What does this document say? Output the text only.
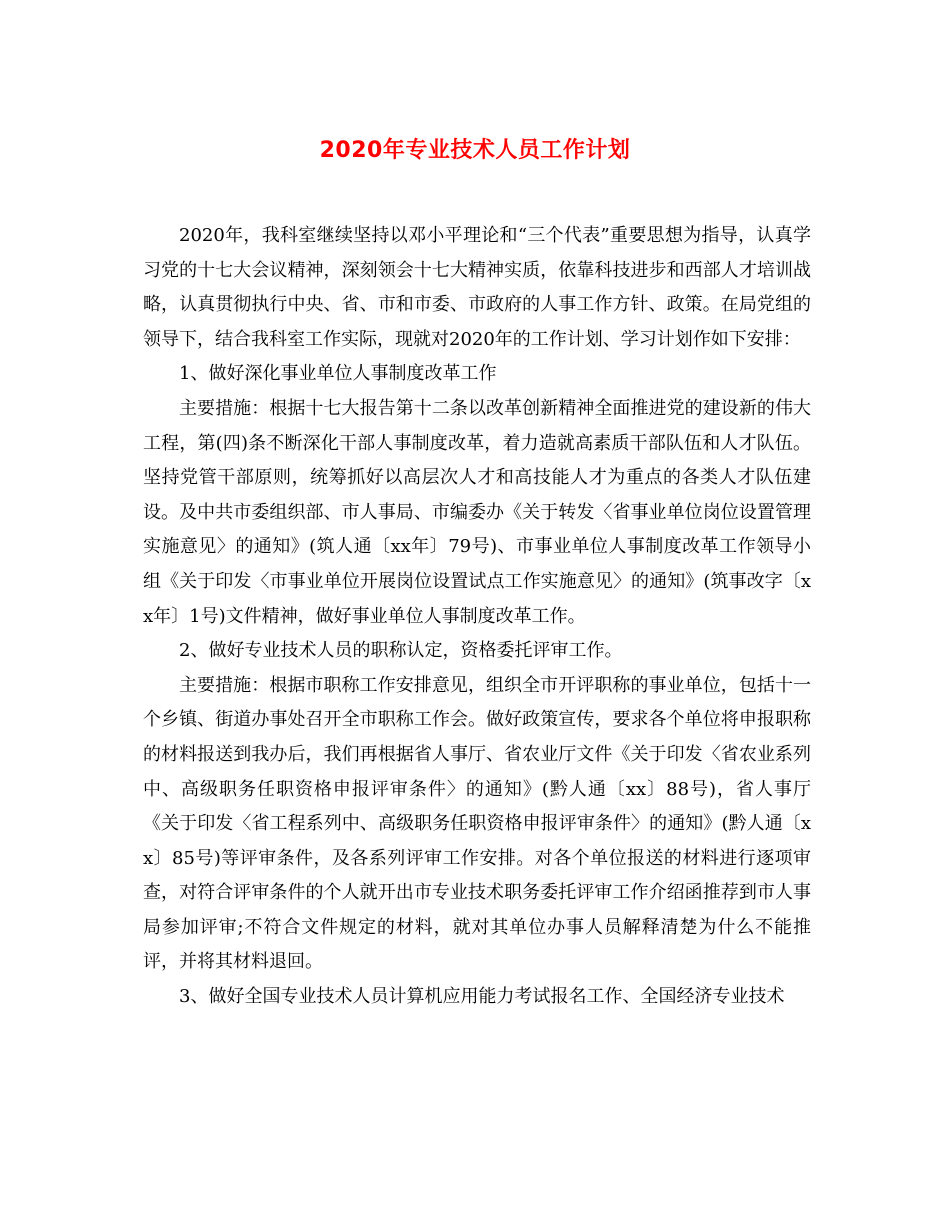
2020年专业技术人员工作计划

2020年，我科室继续坚持以邓小平理论和“三个代表”重要思想为指导，认真学习党的十七大会议精神，深刻领会十七大精神实质，依靠科技进步和西部人才培训战略，认真贯彻执行中央、省、市和市委、市政府的人事工作方针、政策。在局党组的领导下，结合我科室工作实际，现就对2020年的工作计划、学习计划作如下安排：

1、做好深化事业单位人事制度改革工作

主要措施：根据十七大报告第十二条以改革创新精神全面推进党的建设新的伟大工程，第(四)条不断深化干部人事制度改革，着力造就高素质干部队伍和人才队伍。坚持党管干部原则，统筹抓好以高层次人才和高技能人才为重点的各类人才队伍建设。及中共市委组织部、市人事局、市编委办《关于转发〈省事业单位岗位设置管理实施意见〉的通知》(筑人通〔xx年〕79号)、市事业单位人事制度改革工作领导小组《关于印发〈市事业单位开展岗位设置试点工作实施意见〉的通知》(筑事改字〔xx年〕1号)文件精神，做好事业单位人事制度改革工作。

2、做好专业技术人员的职称认定，资格委托评审工作。

主要措施：根据市职称工作安排意见，组织全市开评职称的事业单位，包括十一个乡镇、街道办事处召开全市职称工作会。做好政策宣传，要求各个单位将申报职称的材料报送到我办后，我们再根据省人事厅、省农业厅文件《关于印发〈省农业系列中、高级职务任职资格申报评审条件〉的通知》(黔人通〔xx〕88号)，省人事厅《关于印发〈省工程系列中、高级职务任职资格申报评审条件〉的通知》(黔人通〔xx〕85号)等评审条件，及各系列评审工作安排。对各个单位报送的材料进行逐项审查，对符合评审条件的个人就开出市专业技术职务委托评审工作介绍函推荐到市人事局参加评审;不符合文件规定的材料，就对其单位办事人员解释清楚为什么不能推评，并将其材料退回。

3、做好全国专业技术人员计算机应用能力考试报名工作、全国经济专业技术
